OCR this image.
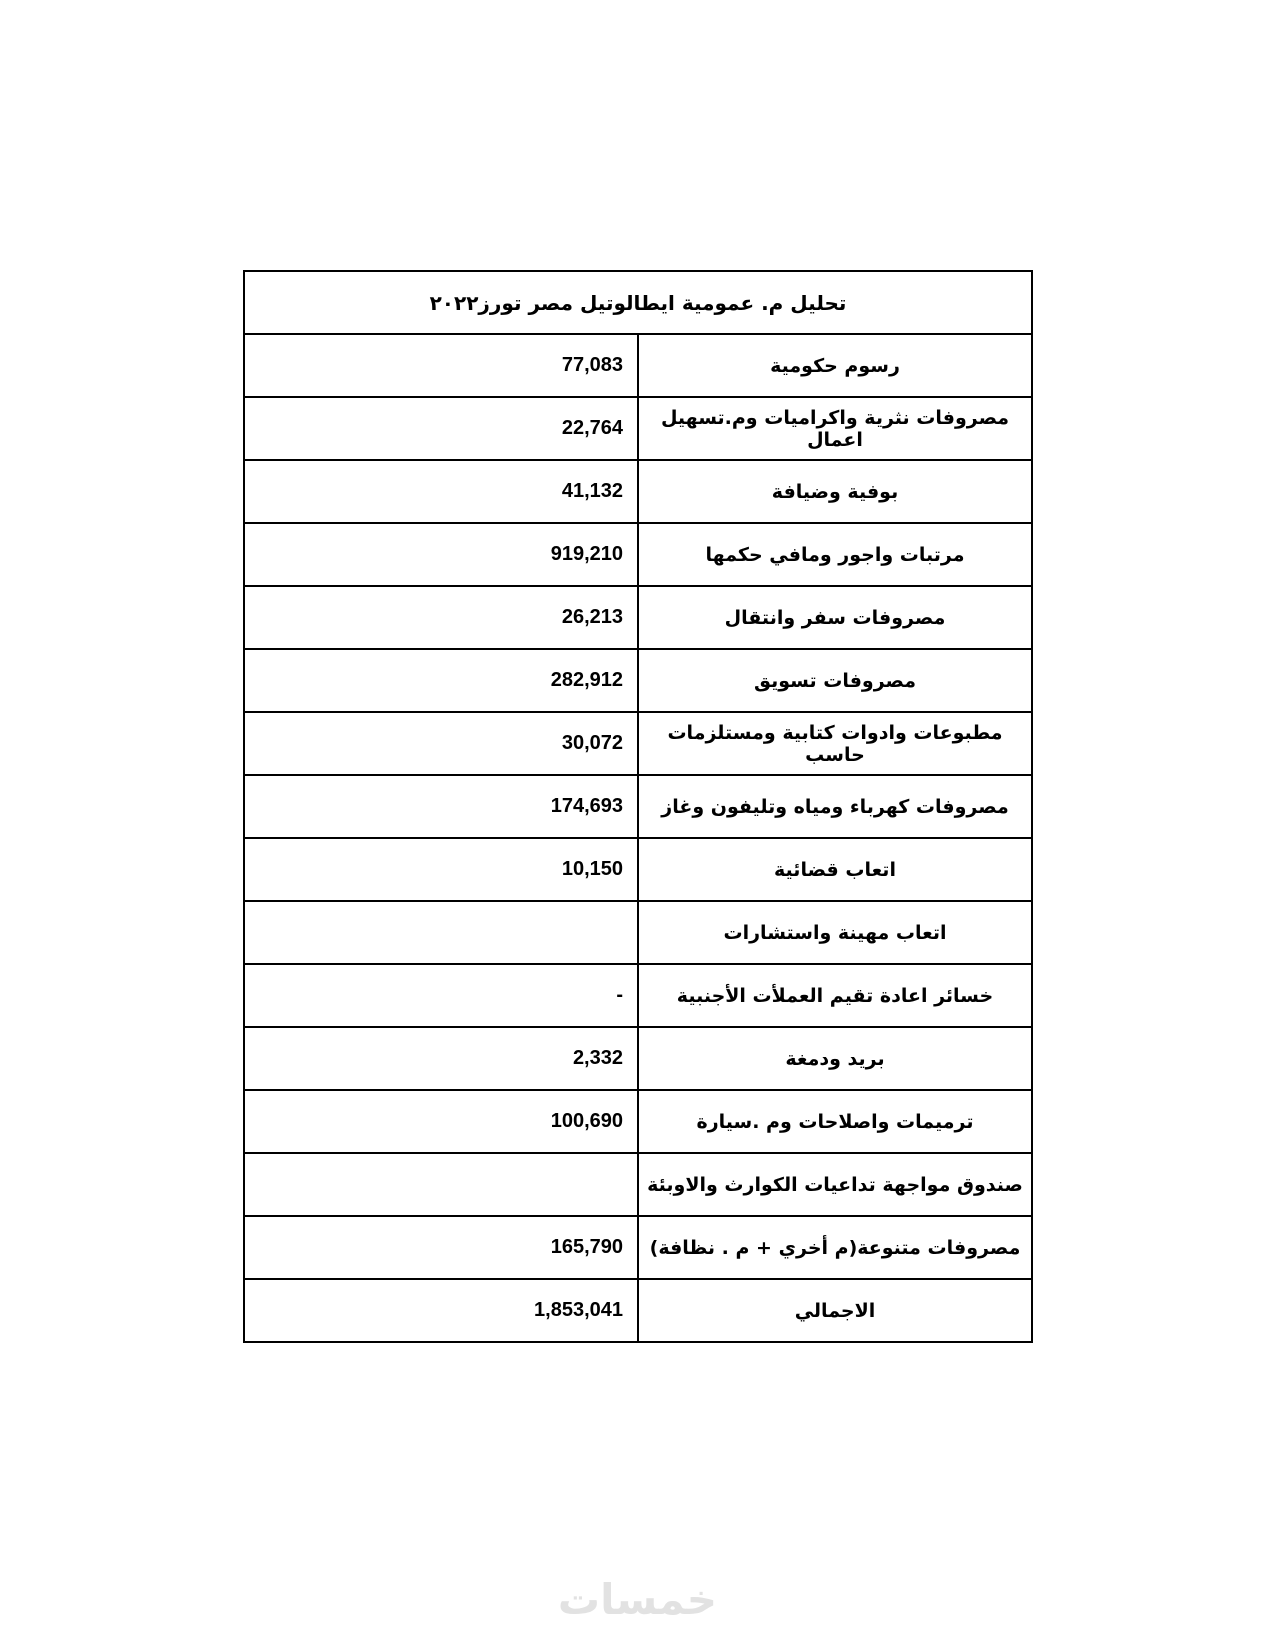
تحليل م. عمومية ايطالوتيل مصر تورز٢٠٢٢	
77,083	رسوم حكومية
22,764	مصروفات نثرية واكراميات وم.تسهيل اعمال
41,132	بوفية وضيافة
919,210	مرتبات واجور ومافي حكمها
26,213	مصروفات سفر وانتقال
282,912	مصروفات تسويق
30,072	مطبوعات وادوات كتابية ومستلزمات حاسب
174,693	مصروفات كهرباء ومياه وتليفون وغاز
10,150	اتعاب قضائية
	اتعاب مهينة واستشارات
-	خسائر اعادة تقيم العملأت الأجنبية
2,332	بريد ودمغة
100,690	ترميمات واصلاحات وم .سيارة
	صندوق مواجهة تداعيات الكوارث والاوبئة
165,790	مصروفات متنوعة(م أخري + م . نظافة)
1,853,041	الاجمالي
خمسات
